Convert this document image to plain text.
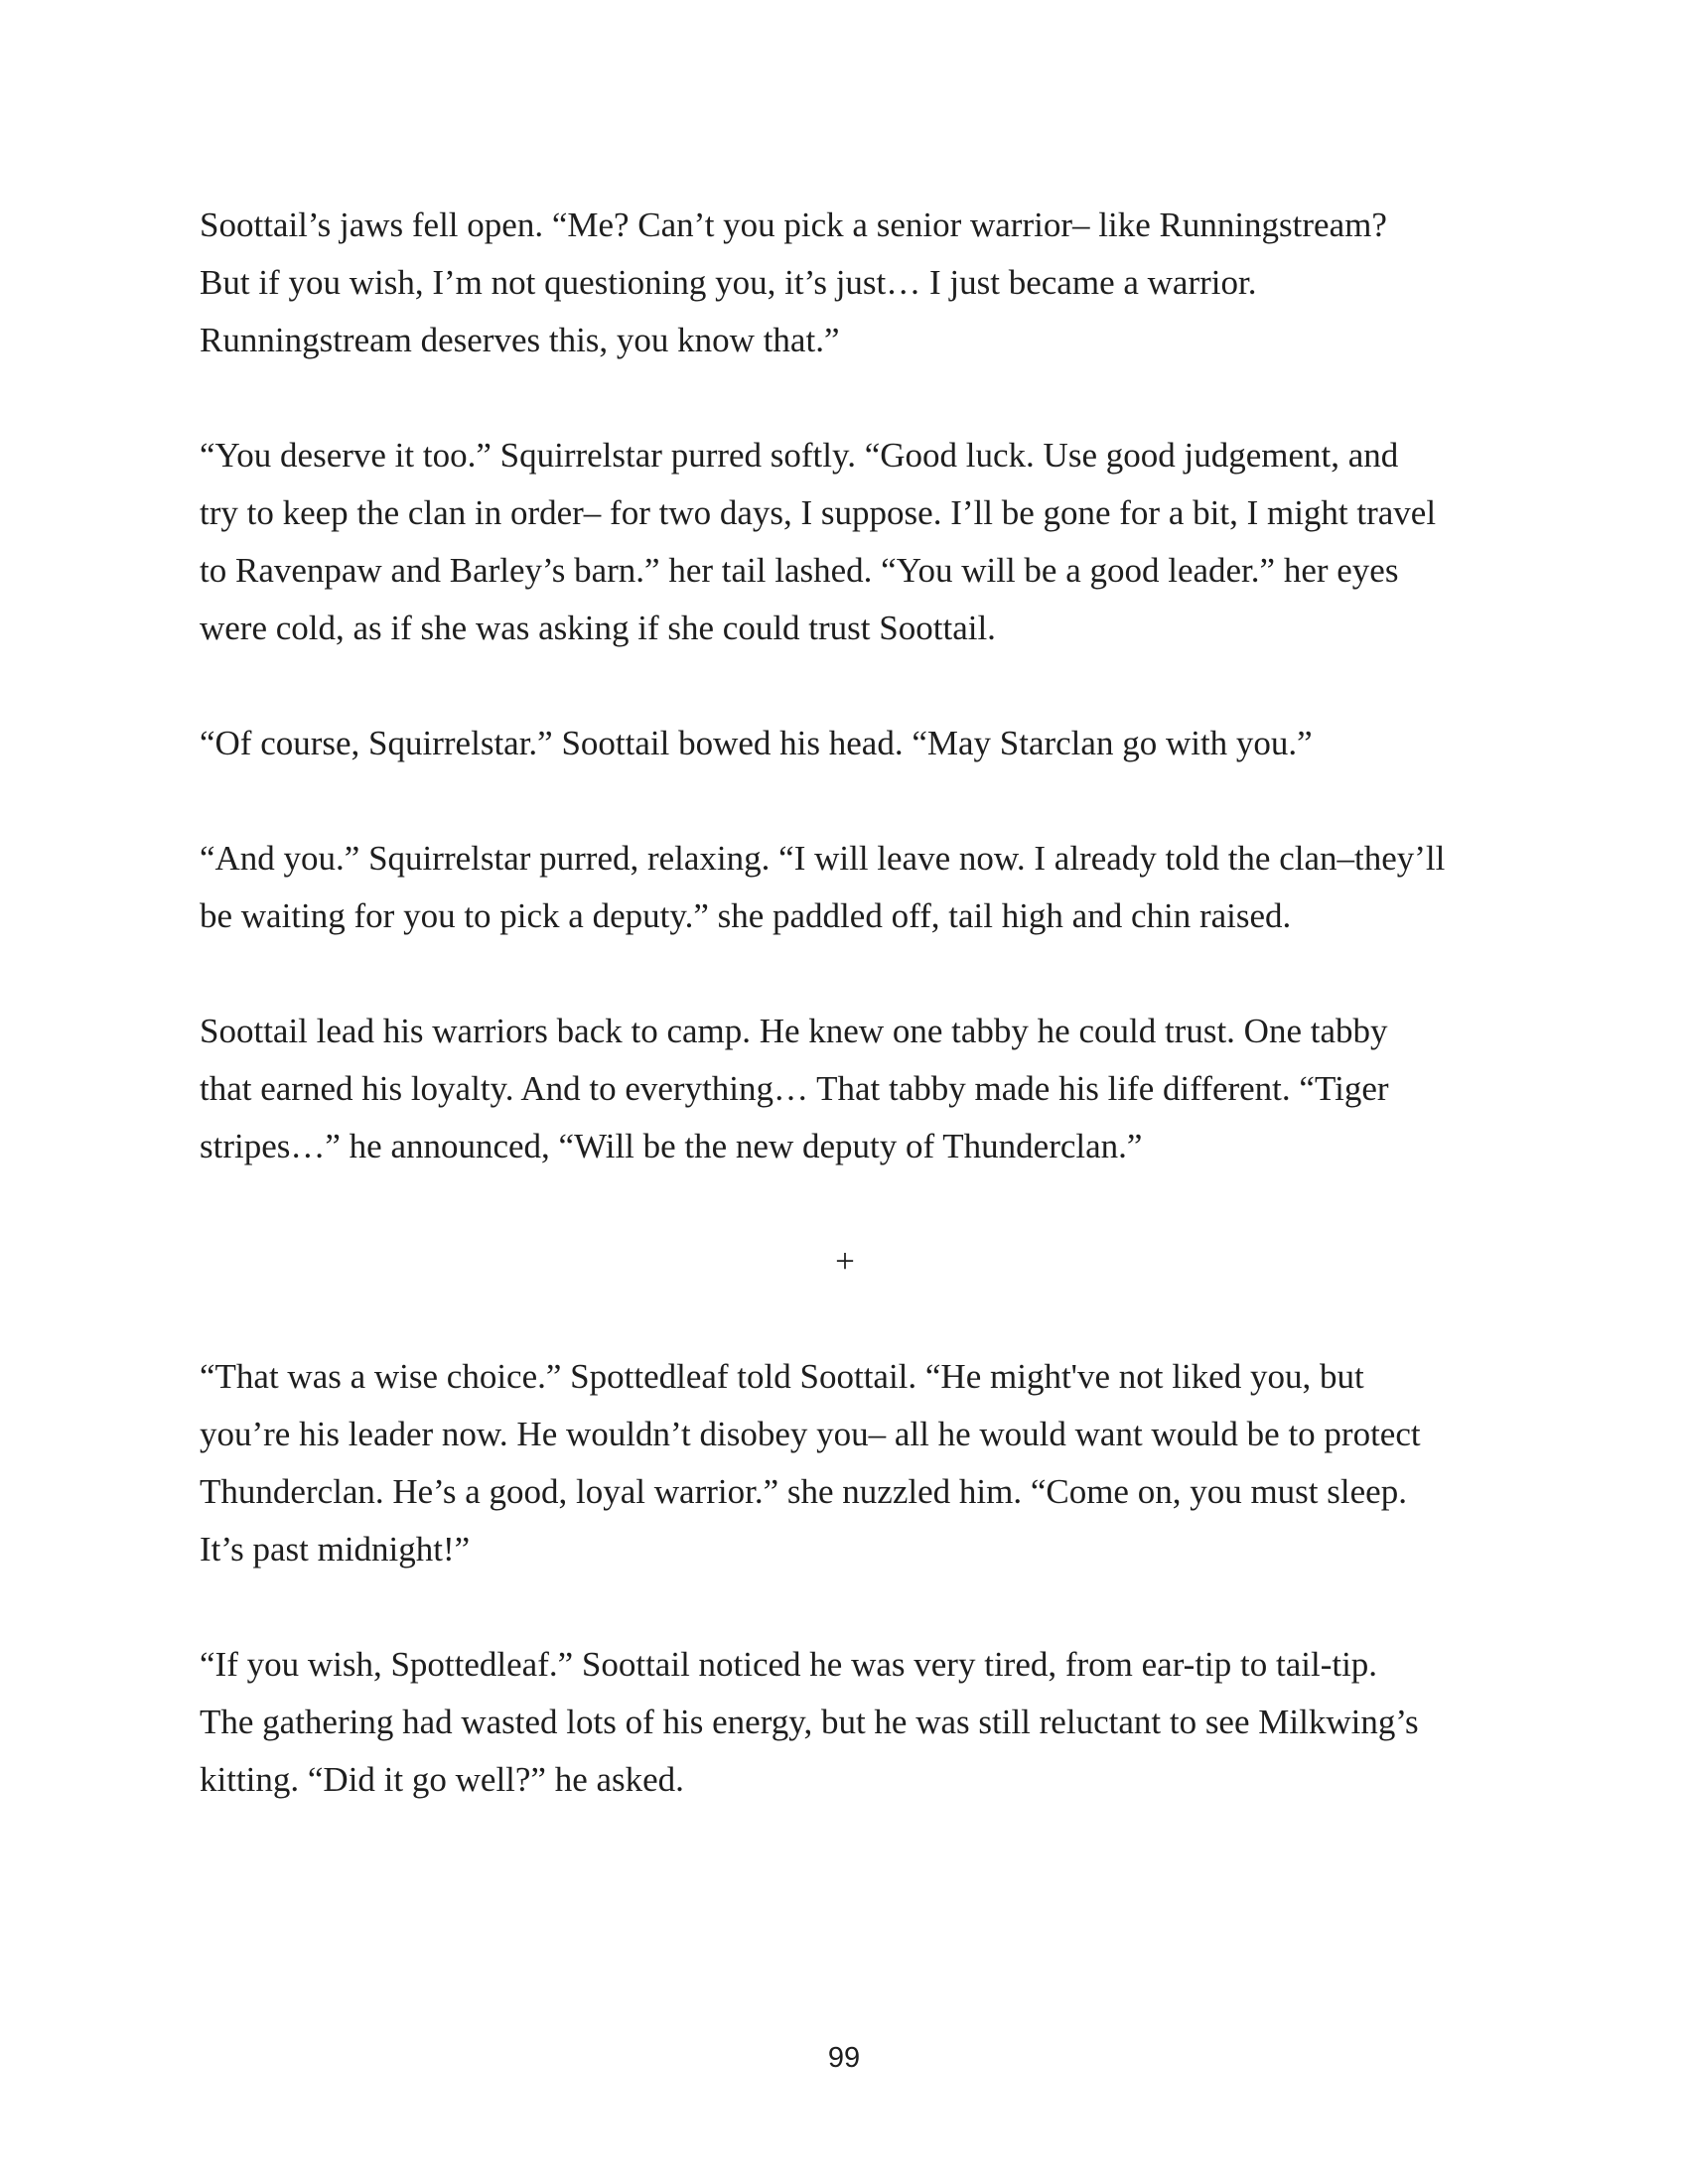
Soottail’s jaws fell open. “Me? Can’t you pick a senior warrior– like Runningstream?
But if you wish, I’m not questioning you, it’s just… I just became a warrior.
Runningstream deserves this, you know that.”

“You deserve it too.” Squirrelstar purred softly. “Good luck. Use good judgement, and
try to keep the clan in order– for two days, I suppose. I’ll be gone for a bit, I might travel
to Ravenpaw and Barley’s barn.” her tail lashed. “You will be a good leader.” her eyes
were cold, as if she was asking if she could trust Soottail.

“Of course, Squirrelstar.” Soottail bowed his head. “May Starclan go with you.”

“And you.” Squirrelstar purred, relaxing. “I will leave now. I already told the clan–they’ll
be waiting for you to pick a deputy.” she paddled off, tail high and chin raised.

Soottail lead his warriors back to camp. He knew one tabby he could trust. One tabby
that earned his loyalty. And to everything… That tabby made his life different. “Tiger
stripes…” he announced, “Will be the new deputy of Thunderclan.”

+

“That was a wise choice.” Spottedleaf told Soottail. “He might've not liked you, but
you’re his leader now. He wouldn’t disobey you– all he would want would be to protect
Thunderclan. He’s a good, loyal warrior.” she nuzzled him. “Come on, you must sleep.
It’s past midnight!”

“If you wish, Spottedleaf.” Soottail noticed he was very tired, from ear-tip to tail-tip.
The gathering had wasted lots of his energy, but he was still reluctant to see Milkwing’s
kitting. “Did it go well?” he asked.

99
